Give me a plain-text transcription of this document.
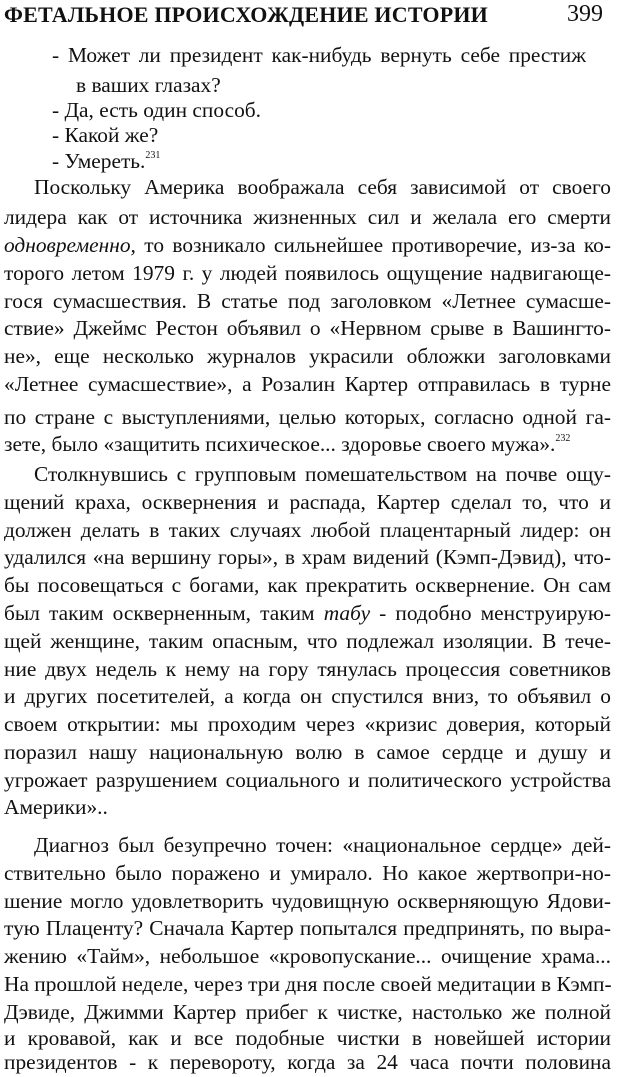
ФЕТАЛЬНОЕ ПРОИСХОЖДЕНИЕ ИСТОРИИ	399
- Может ли президент как-нибудь вернуть себе престиж
в ваших глазах?
- Да, есть один способ.
- Какой же?
- Умереть.$^{231}$
Поскольку Америка воображала себя зависимой от своего
лидера как от источника жизненных сил и желала его смерти
одновременно, то возникало сильнейшее противоречие, из-за ко-
торого летом 1979 г. у людей появилось ощущение надвигающе-
гося сумасшествия. В статье под заголовком «Летнее сумасше-
ствие» Джеймс Рестон объявил о «Нервном срыве в Вашингто-
не», еще несколько журналов украсили обложки заголовками
«Летнее сумасшествие», а Розалин Картер отправилась в турне
по стране с выступлениями, целью которых, согласно одной га-
зете, было «защитить психическое... здоровье своего мужа».$^{232}$
Столкнувшись с групповым помешательством на почве ощу-
щений краха, осквернения и распада, Картер сделал то, что и
должен делать в таких случаях любой плацентарный лидер: он
удалился «на вершину горы», в храм видений (Кэмп-Дэвид), что-
бы посовещаться с богами, как прекратить осквернение. Он сам
был таким оскверненным, таким табу - подобно менструирую-
щей женщине, таким опасным, что подлежал изоляции. В тече-
ние двух недель к нему на гору тянулась процессия советников
и других посетителей, а когда он спустился вниз, то объявил о
своем открытии: мы проходим через «кризис доверия, который
поразил нашу национальную волю в самое сердце и душу и
угрожает разрушением социального и политического устройства
Америки»..
Диагноз был безупречно точен: «национальное сердце» дей-
ствительно было поражено и умирало. Но какое жертвопри-но-
шение могло удовлетворить чудовищную оскверняющую Ядови-
тую Плаценту? Сначала Картер попытался предпринять, по выра-
жению «Тайм», небольшое «кровопускание... очищение храма...
На прошлой неделе, через три дня после своей медитации в Кэмп-
Дэвиде, Джимми Картер прибег к чистке, настолько же полной
и кровавой, как и все подобные чистки в новейшей истории
президентов - к перевороту, когда за 24 часа почти половина
